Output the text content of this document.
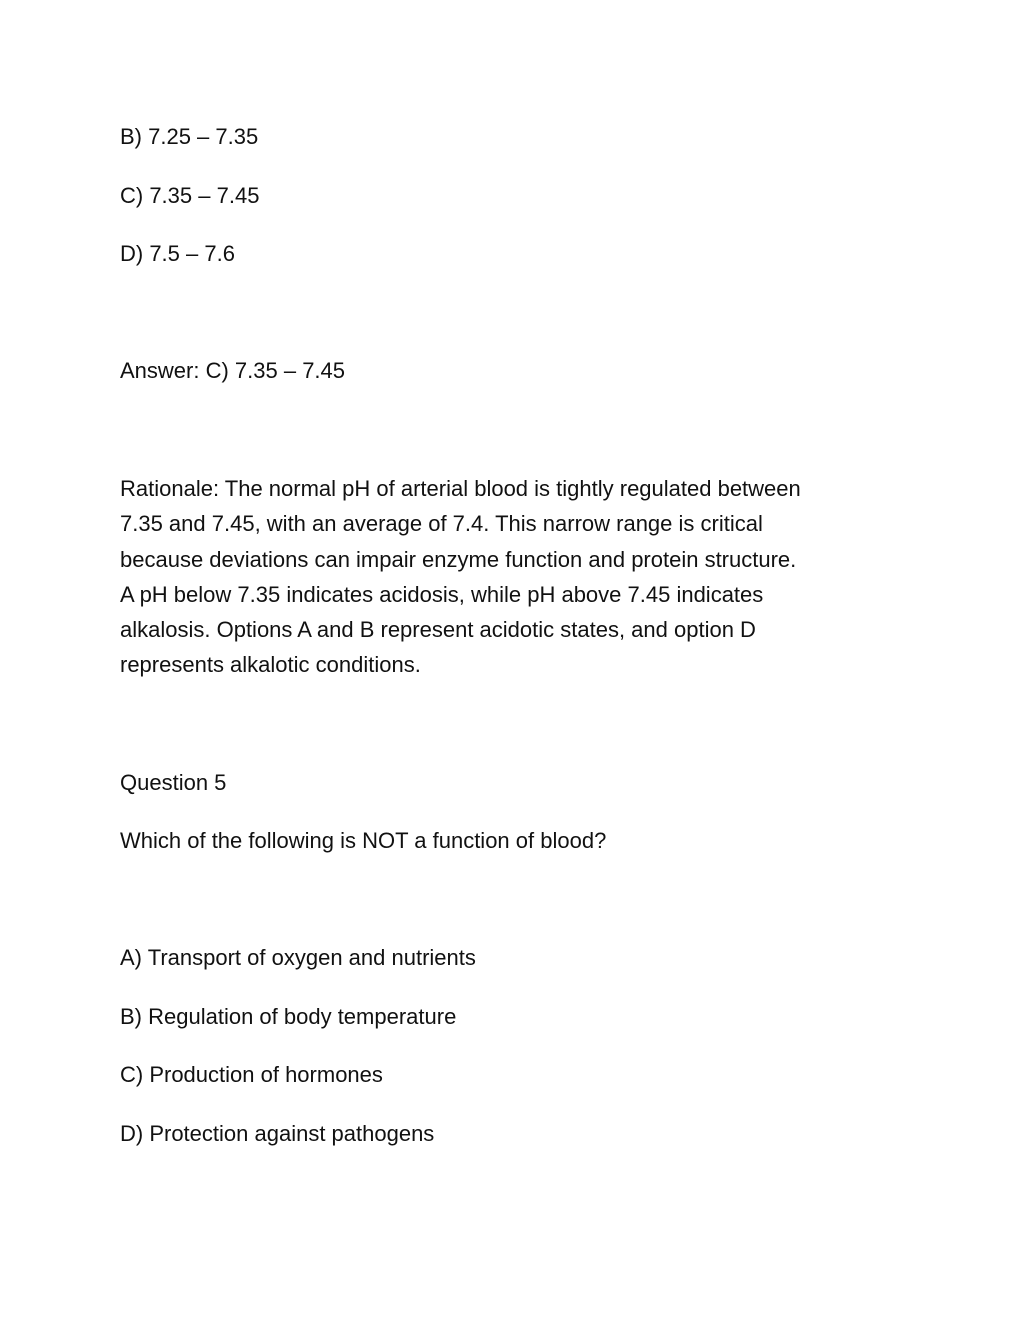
B) 7.25 – 7.35

C) 7.35 – 7.45

D) 7.5 – 7.6

Answer: C) 7.35 – 7.45

Rationale: The normal pH of arterial blood is tightly regulated between
7.35 and 7.45, with an average of 7.4. This narrow range is critical
because deviations can impair enzyme function and protein structure.
A pH below 7.35 indicates acidosis, while pH above 7.45 indicates
alkalosis. Options A and B represent acidotic states, and option D
represents alkalotic conditions.

Question 5

Which of the following is NOT a function of blood?

A) Transport of oxygen and nutrients

B) Regulation of body temperature

C) Production of hormones

D) Protection against pathogens
